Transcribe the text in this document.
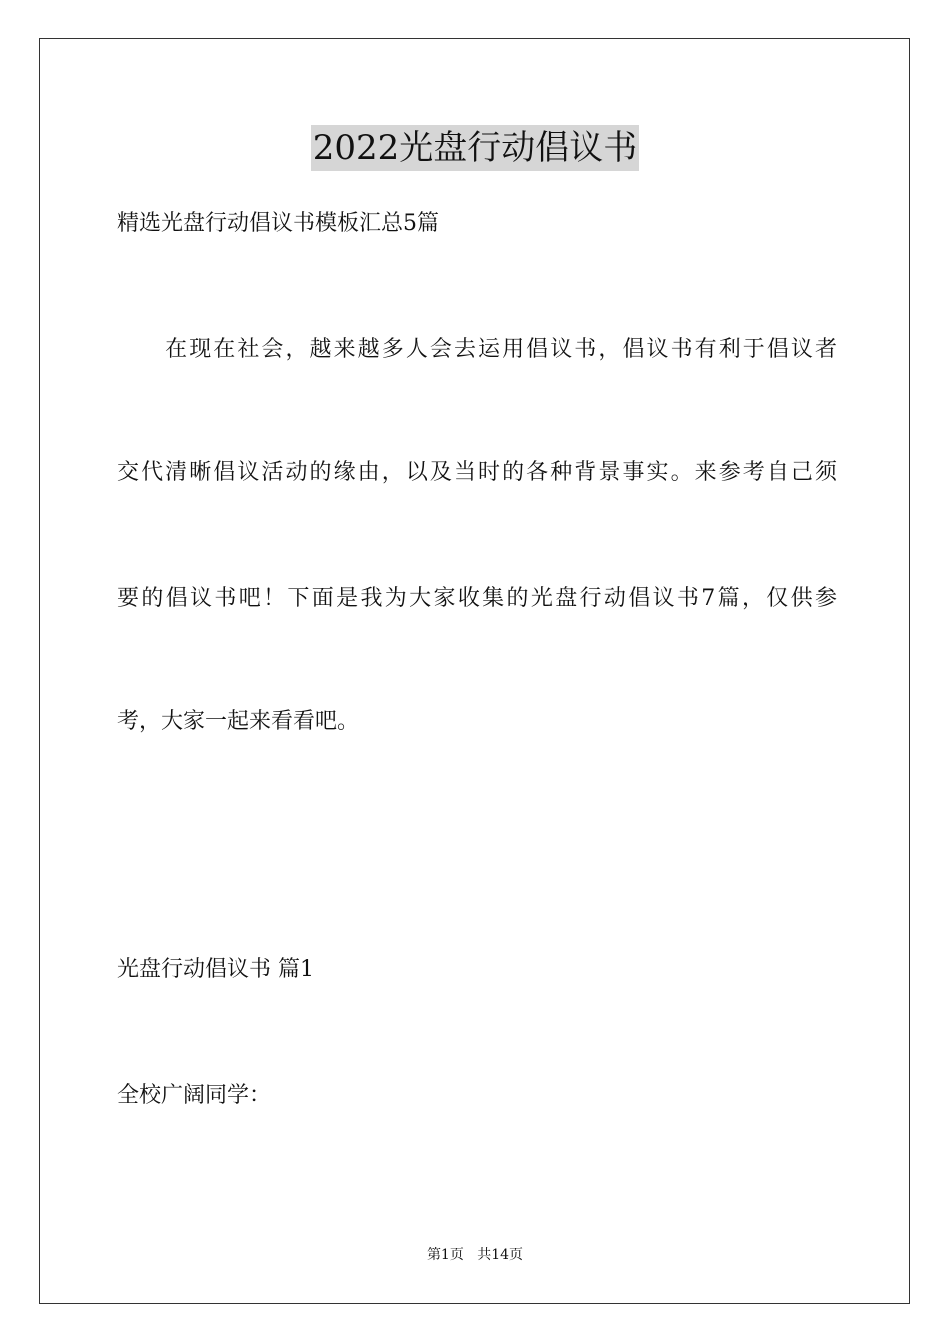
2022光盘行动倡议书

精选光盘行动倡议书模板汇总5篇

　　在现在社会，越来越多人会去运用倡议书，倡议书有利于倡议者

交代清晰倡议活动的缘由，以及当时的各种背景事实。来参考自己须

要的倡议书吧！下面是我为大家收集的光盘行动倡议书7篇，仅供参

考，大家一起来看看吧。

光盘行动倡议书 篇1

全校广阔同学：

第1页 共14页
